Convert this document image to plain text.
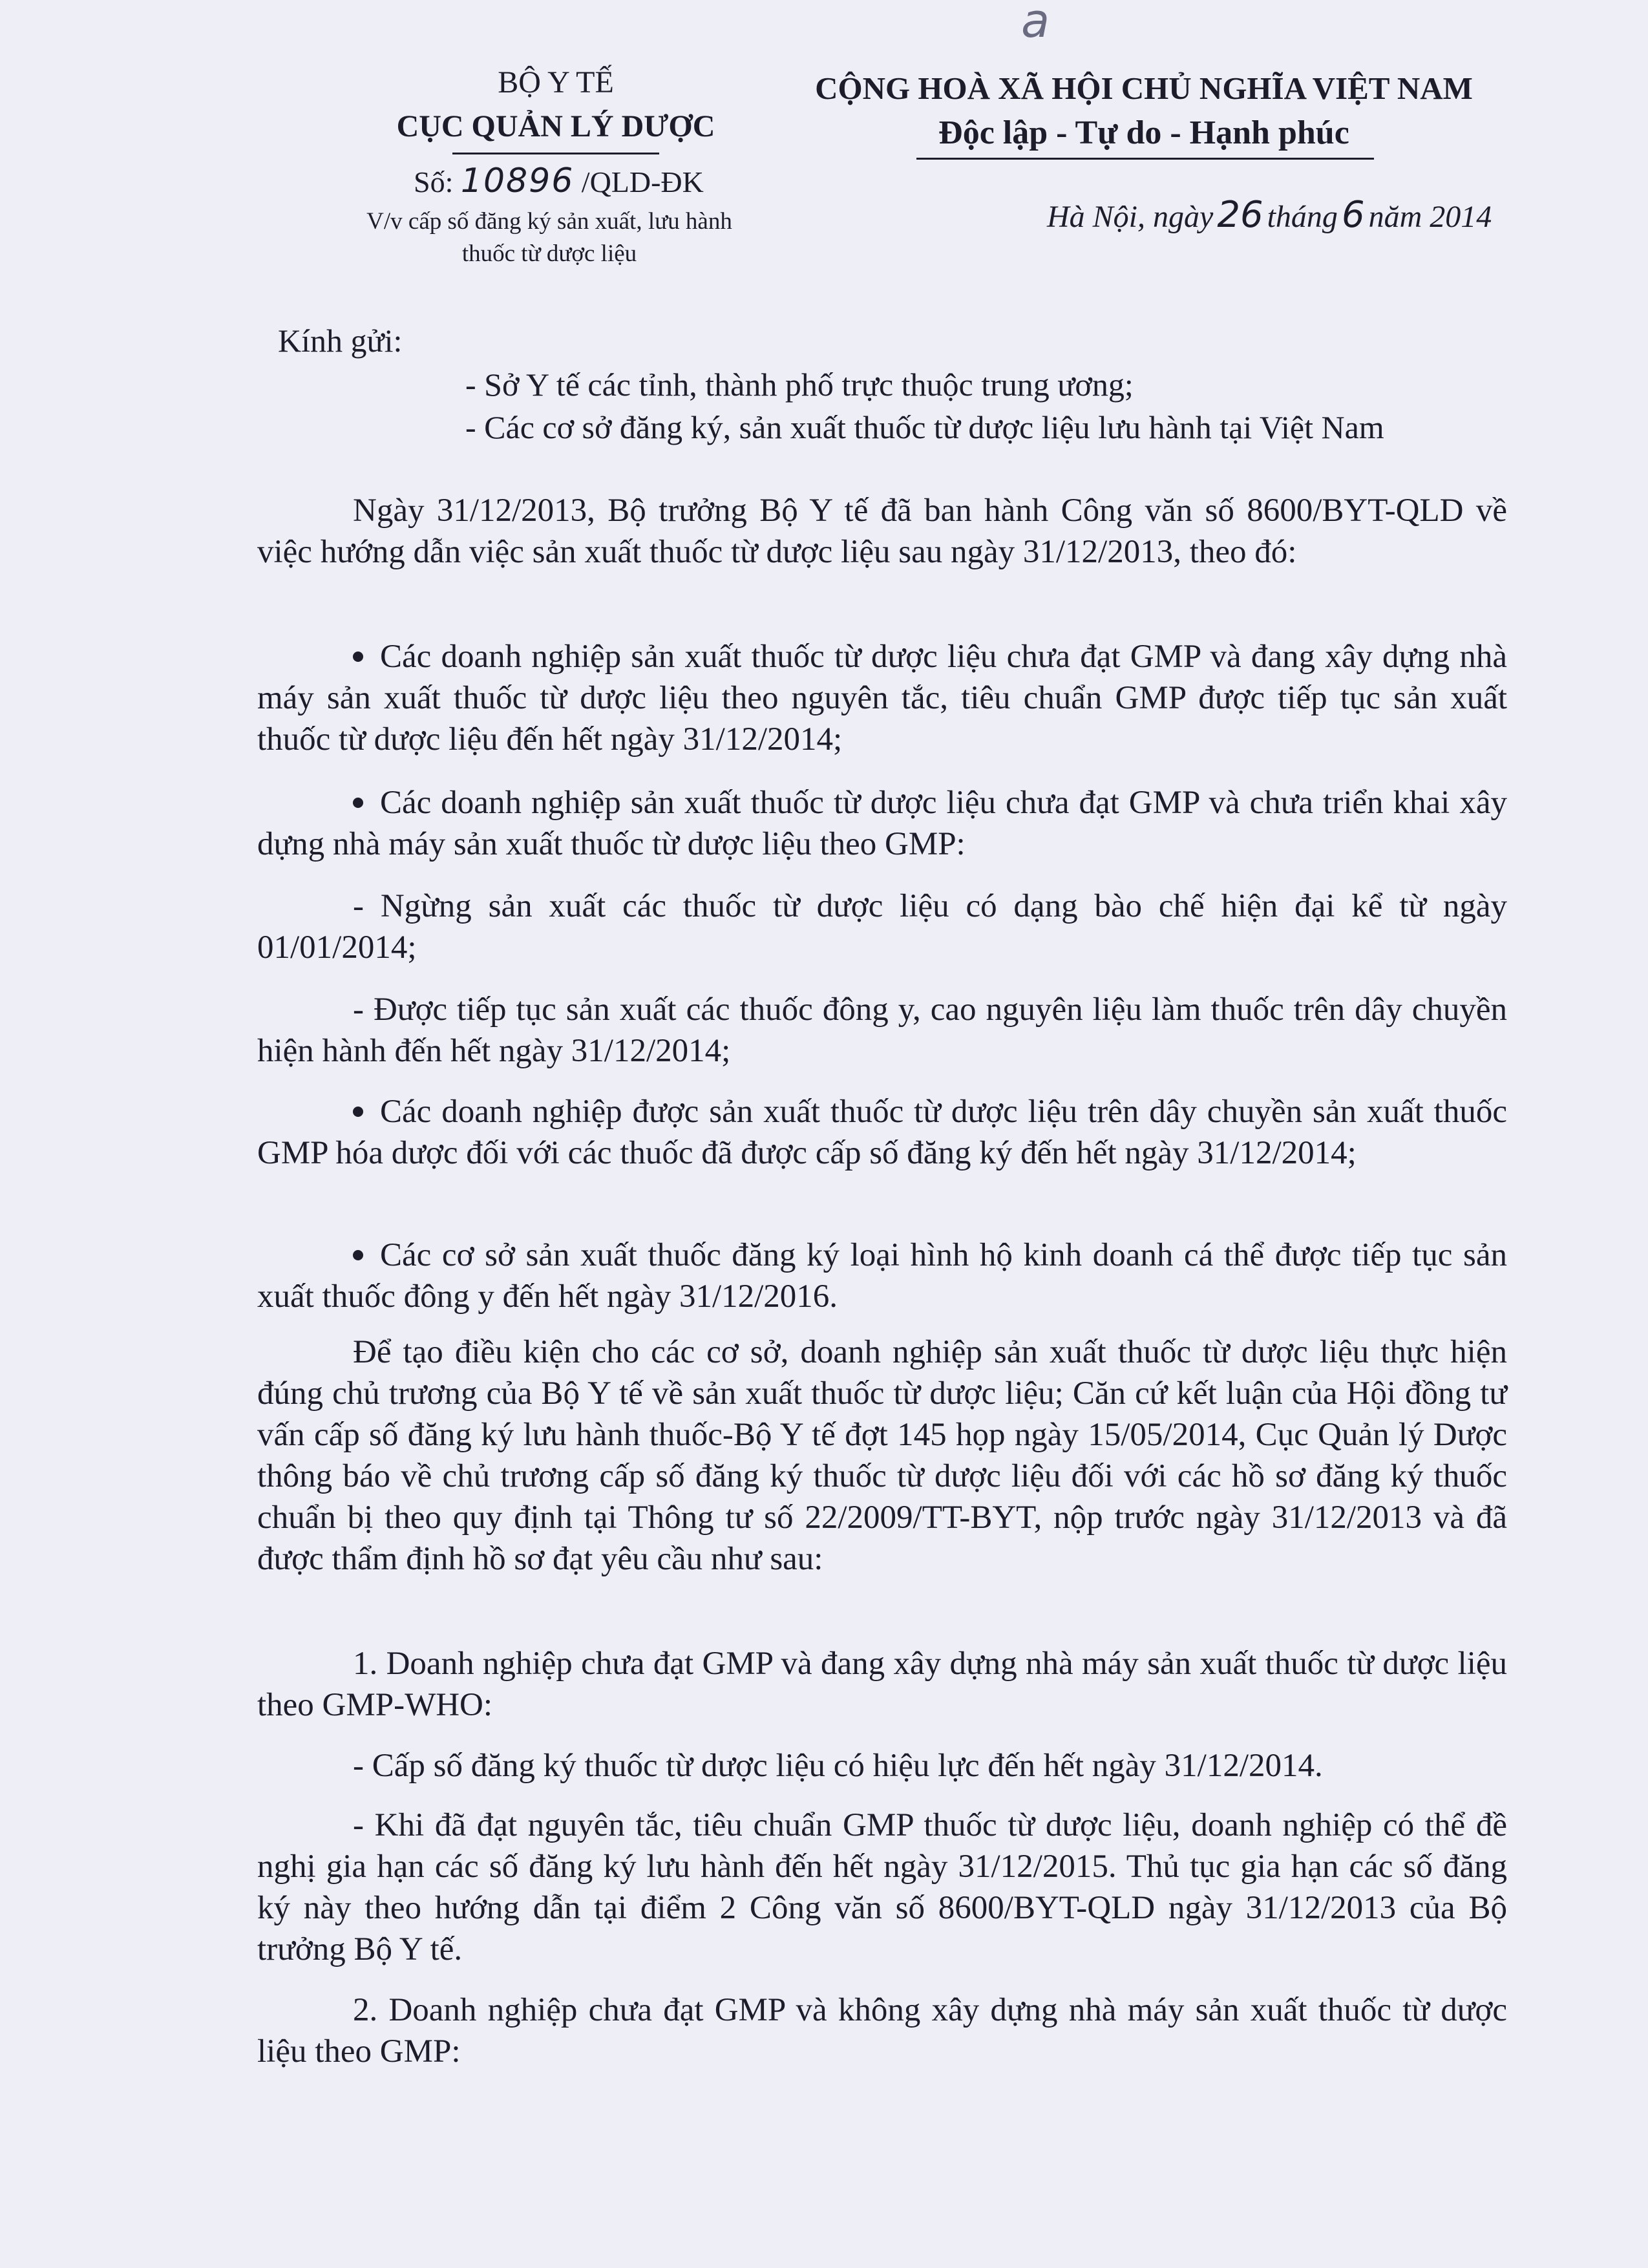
a
BỘ Y TẾ
CỤC QUẢN LÝ DƯỢC
Số: 10896 /QLD-ĐK
V/v cấp số đăng ký sản xuất, lưu hành
thuốc từ dược liệu
CỘNG HOÀ XÃ HỘI CHỦ NGHĨA VIỆT NAM
Độc lập - Tự do - Hạnh phúc
Hà Nội, ngày 26 tháng 6 năm 2014
Kính gửi:
- Sở Y tế các tỉnh, thành phố trực thuộc trung ương;
- Các cơ sở đăng ký, sản xuất thuốc từ dược liệu lưu hành tại Việt Nam
Ngày 31/12/2013, Bộ trưởng Bộ Y tế đã ban hành Công văn số 8600/BYT-QLD về việc hướng dẫn việc sản xuất thuốc từ dược liệu sau ngày 31/12/2013, theo đó:
Các doanh nghiệp sản xuất thuốc từ dược liệu chưa đạt GMP và đang xây dựng nhà máy sản xuất thuốc từ dược liệu theo nguyên tắc, tiêu chuẩn GMP được tiếp tục sản xuất thuốc từ dược liệu đến hết ngày 31/12/2014;
Các doanh nghiệp sản xuất thuốc từ dược liệu chưa đạt GMP và chưa triển khai xây dựng nhà máy sản xuất thuốc từ dược liệu theo GMP:
- Ngừng sản xuất các thuốc từ dược liệu có dạng bào chế hiện đại kể từ ngày 01/01/2014;
- Được tiếp tục sản xuất các thuốc đông y, cao nguyên liệu làm thuốc trên dây chuyền hiện hành đến hết ngày 31/12/2014;
Các doanh nghiệp được sản xuất thuốc từ dược liệu trên dây chuyền sản xuất thuốc GMP hóa dược đối với các thuốc đã được cấp số đăng ký đến hết ngày 31/12/2014;
Các cơ sở sản xuất thuốc đăng ký loại hình hộ kinh doanh cá thể được tiếp tục sản xuất thuốc đông y đến hết ngày 31/12/2016.
Để tạo điều kiện cho các cơ sở, doanh nghiệp sản xuất thuốc từ dược liệu thực hiện đúng chủ trương của Bộ Y tế về sản xuất thuốc từ dược liệu; Căn cứ kết luận của Hội đồng tư vấn cấp số đăng ký lưu hành thuốc-Bộ Y tế đợt 145 họp ngày 15/05/2014, Cục Quản lý Dược thông báo về chủ trương cấp số đăng ký thuốc từ dược liệu đối với các hồ sơ đăng ký thuốc chuẩn bị theo quy định tại Thông tư số 22/2009/TT-BYT, nộp trước ngày 31/12/2013 và đã được thẩm định hồ sơ đạt yêu cầu như sau:
1. Doanh nghiệp chưa đạt GMP và đang xây dựng nhà máy sản xuất thuốc từ dược liệu theo GMP-WHO:
- Cấp số đăng ký thuốc từ dược liệu có hiệu lực đến hết ngày 31/12/2014.
- Khi đã đạt nguyên tắc, tiêu chuẩn GMP thuốc từ dược liệu, doanh nghiệp có thể đề nghị gia hạn các số đăng ký lưu hành đến hết ngày 31/12/2015. Thủ tục gia hạn các số đăng ký này theo hướng dẫn tại điểm 2 Công văn số 8600/BYT-QLD ngày 31/12/2013 của Bộ trưởng Bộ Y tế.
2. Doanh nghiệp chưa đạt GMP và không xây dựng nhà máy sản xuất thuốc từ dược liệu theo GMP:
